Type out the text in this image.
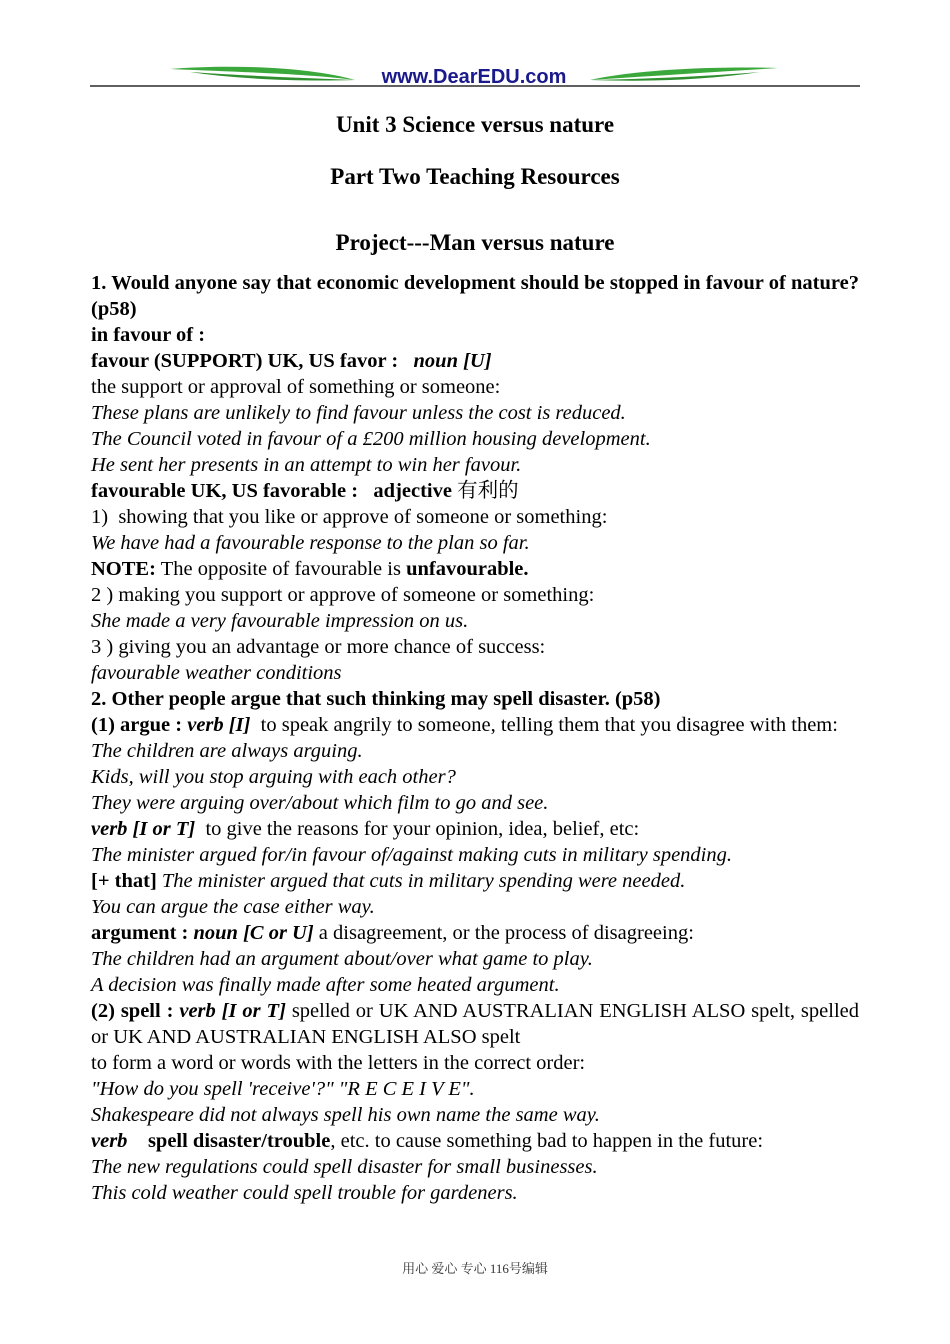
www.DearEDU.com

Unit 3 Science versus nature

Part Two Teaching Resources

Project---Man versus nature

1. Would anyone say that economic development should be stopped in favour of nature? (p58)
in favour of :
favour (SUPPORT) UK, US favor :   noun [U]
the support or approval of something or someone:
These plans are unlikely to find favour unless the cost is reduced.
The Council voted in favour of a £200 million housing development.
He sent her presents in an attempt to win her favour.
favourable UK, US favorable :   adjective 有利的
1)  showing that you like or approve of someone or something:
We have had a favourable response to the plan so far.
NOTE: The opposite of favourable is unfavourable.
2 ) making you support or approve of someone or something:
She made a very favourable impression on us.
3 ) giving you an advantage or more chance of success:
favourable weather conditions
2. Other people argue that such thinking may spell disaster. (p58)
(1) argue : verb [I]  to speak angrily to someone, telling them that you disagree with them:
The children are always arguing.
Kids, will you stop arguing with each other?
They were arguing over/about which film to go and see.
verb [I or T]  to give the reasons for your opinion, idea, belief, etc:
The minister argued for/in favour of/against making cuts in military spending.
[+ that] The minister argued that cuts in military spending were needed.
You can argue the case either way.
argument : noun [C or U] a disagreement, or the process of disagreeing:
The children had an argument about/over what game to play.
A decision was finally made after some heated argument.
(2) spell : verb [I or T] spelled or UK AND AUSTRALIAN ENGLISH ALSO spelt, spelled or UK AND AUSTRALIAN ENGLISH ALSO spelt
to form a word or words with the letters in the correct order:
"How do you spell 'receive'?" "R E C E I V E".
Shakespeare did not always spell his own name the same way.
verb spell disaster/trouble, etc. to cause something bad to happen in the future:
The new regulations could spell disaster for small businesses.
This cold weather could spell trouble for gardeners.
用心 爱心 专心 116号编辑
